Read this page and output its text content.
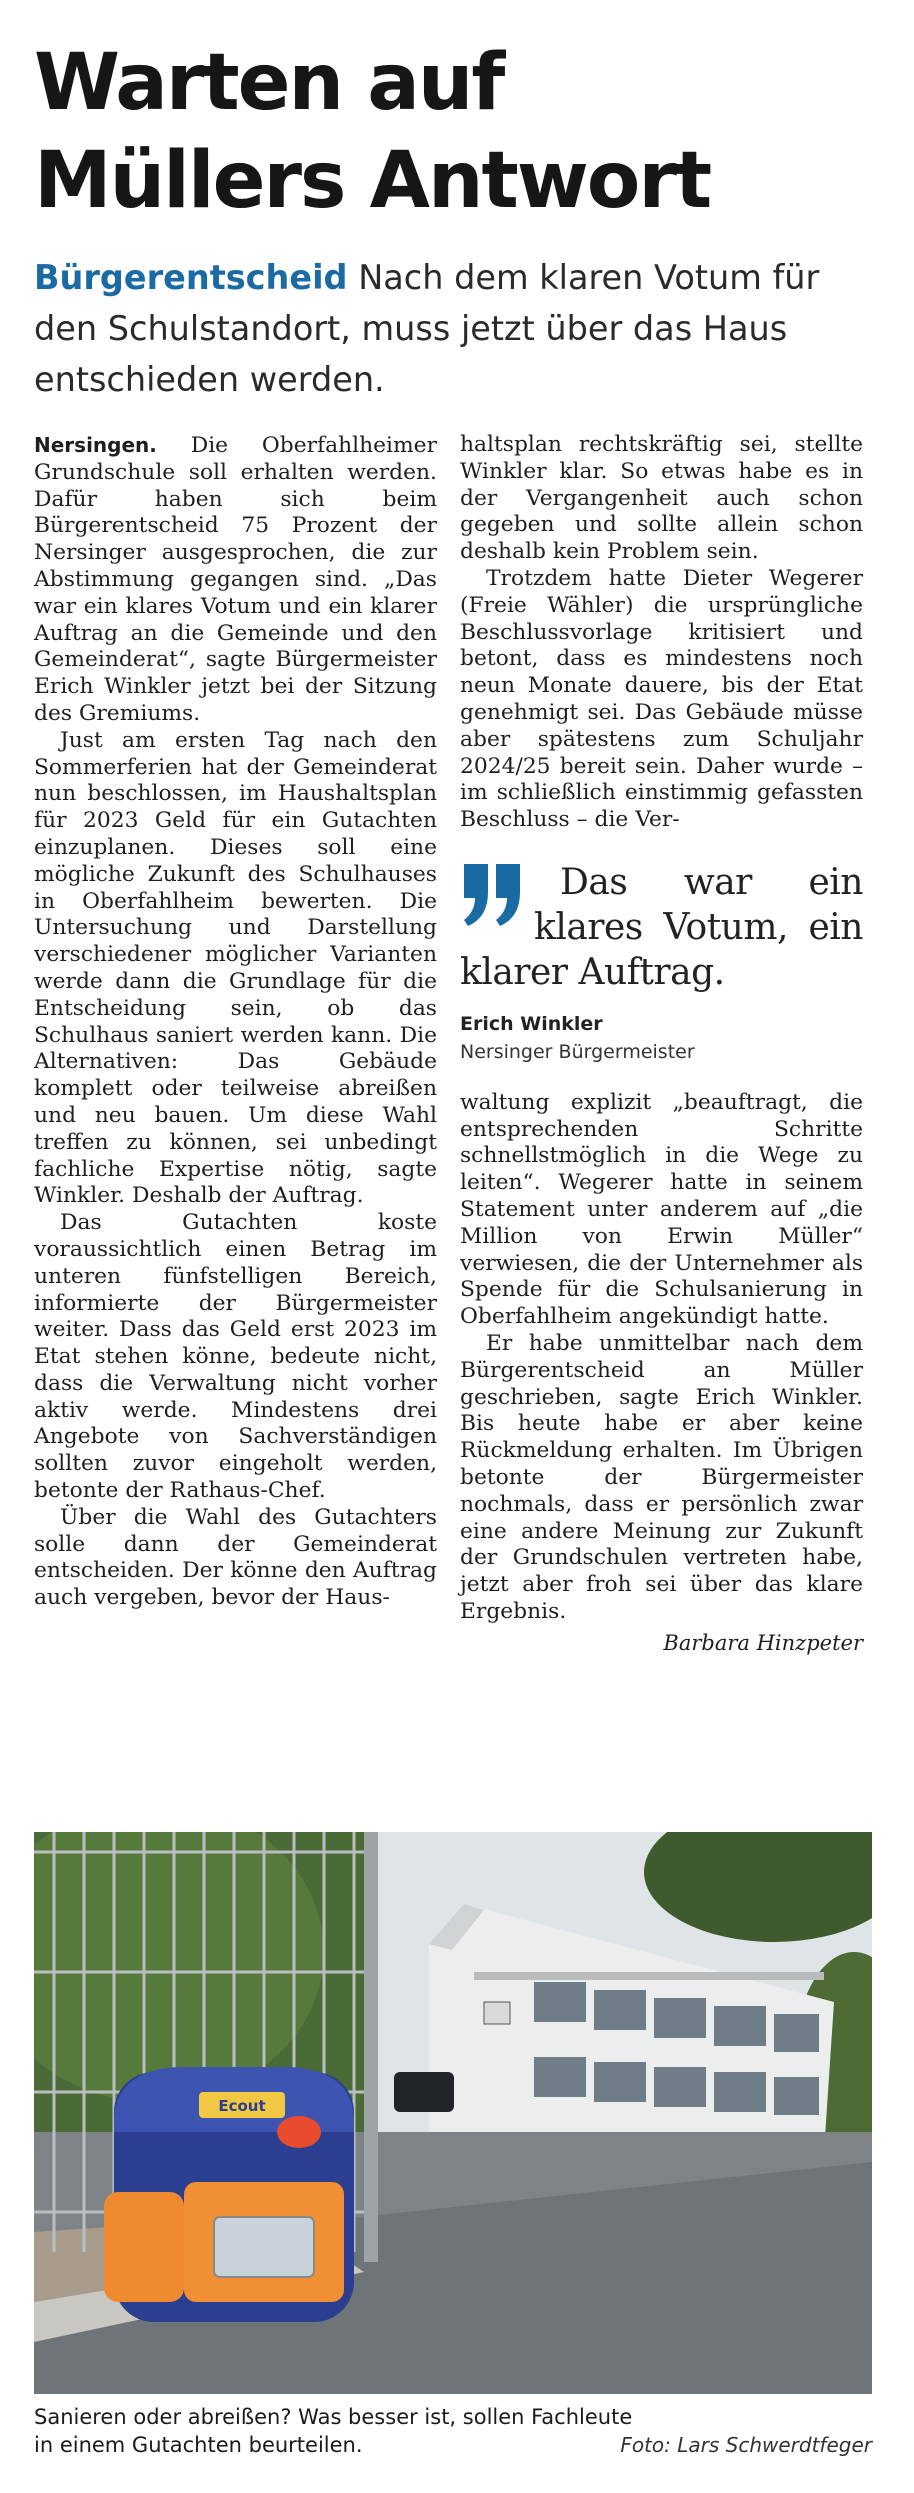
Warten auf
Müllers Antwort

Bürgerentscheid Nach dem klaren Votum für den Schulstandort, muss jetzt über das Haus entschieden werden.

Nersingen. Die Oberfahlheimer Grundschule soll erhalten werden. Dafür haben sich beim Bürgerentscheid 75 Prozent der Nersinger ausgesprochen, die zur Abstimmung gegangen sind. „Das war ein klares Votum und ein klarer Auftrag an die Gemeinde und den Gemeinderat“, sagte Bürgermeister Erich Winkler jetzt bei der Sitzung des Gremiums.

Just am ersten Tag nach den Sommerferien hat der Gemeinderat nun beschlossen, im Haushaltsplan für 2023 Geld für ein Gutachten einzuplanen. Dieses soll eine mögliche Zukunft des Schulhauses in Oberfahlheim bewerten. Die Untersuchung und Darstellung verschiedener möglicher Varianten werde dann die Grundlage für die Entscheidung sein, ob das Schulhaus saniert werden kann. Die Alternativen: Das Gebäude komplett oder teilweise abreißen und neu bauen. Um diese Wahl treffen zu können, sei unbedingt fachliche Expertise nötig, sagte Winkler. Deshalb der Auftrag.

Das Gutachten koste voraussichtlich einen Betrag im unteren fünfstelligen Bereich, informierte der Bürgermeister weiter. Dass das Geld erst 2023 im Etat stehen könne, bedeute nicht, dass die Verwaltung nicht vorher aktiv werde. Mindestens drei Angebote von Sachverständigen sollten zuvor eingeholt werden, betonte der Rathaus-Chef.

Über die Wahl des Gutachters solle dann der Gemeinderat entscheiden. Der könne den Auftrag auch vergeben, bevor der Haus-

haltsplan rechtskräftig sei, stellte Winkler klar. So etwas habe es in der Vergangenheit auch schon gegeben und sollte allein schon deshalb kein Problem sein.

Trotzdem hatte Dieter Wegerer (Freie Wähler) die ursprüngliche Beschlussvorlage kritisiert und betont, dass es mindestens noch neun Monate dauere, bis der Etat genehmigt sei. Das Gebäude müsse aber spätestens zum Schuljahr 2024/25 bereit sein. Daher wurde – im schließlich einstimmig gefassten Beschluss – die Ver-

Das war ein klares Votum, ein klarer Auftrag.

Erich Winkler
Nersinger Bürgermeister

waltung explizit „beauftragt, die entsprechenden Schritte schnellstmöglich in die Wege zu leiten“. Wegerer hatte in seinem Statement unter anderem auf „die Million von Erwin Müller“ verwiesen, die der Unternehmer als Spende für die Schulsanierung in Oberfahlheim angekündigt hatte.

Er habe unmittelbar nach dem Bürgerentscheid an Müller geschrieben, sagte Erich Winkler. Bis heute habe er aber keine Rückmeldung erhalten. Im Übrigen betonte der Bürgermeister nochmals, dass er persönlich zwar eine andere Meinung zur Zukunft der Grundschulen vertreten habe, jetzt aber froh sei über das klare Ergebnis.

Barbara Hinzpeter
Ecout
Sanieren oder abreißen? Was besser ist, sollen Fachleute in einem Gutachten beurteilen.	Foto: Lars Schwerdtfeger
